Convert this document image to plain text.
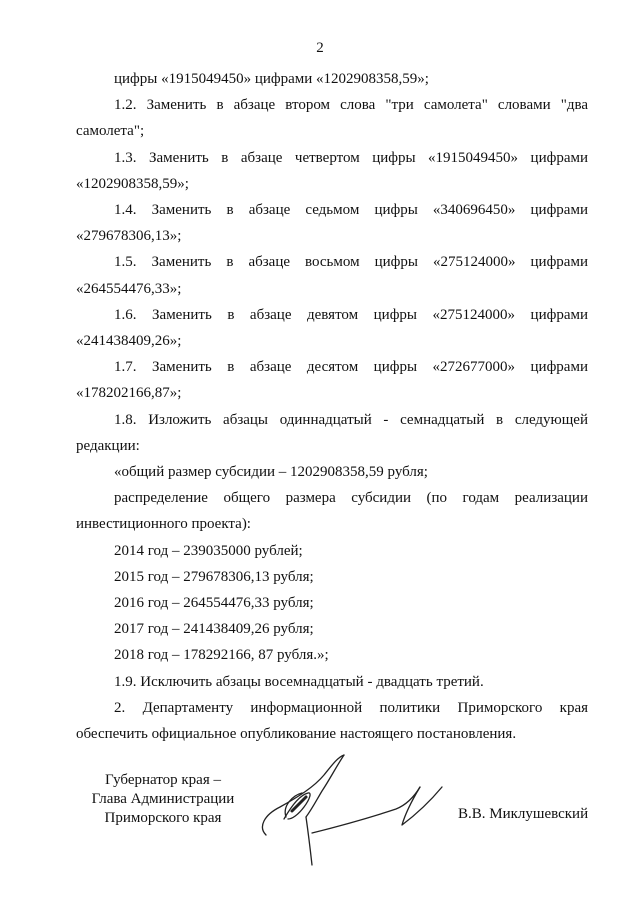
2

цифры «1915049450» цифрами «1202908358,59»;

1.2. Заменить в абзаце втором слова "три самолета" словами "два самолета";

1.3. Заменить в абзаце четвертом цифры «1915049450» цифрами «1202908358,59»;

1.4. Заменить в абзаце седьмом цифры «340696450» цифрами «279678306,13»;

1.5. Заменить в абзаце восьмом цифры «275124000» цифрами «264554476,33»;

1.6. Заменить в абзаце девятом цифры «275124000» цифрами «241438409,26»;

1.7. Заменить в абзаце десятом цифры «272677000» цифрами «178202166,87»;

1.8. Изложить абзацы одиннадцатый - семнадцатый в следующей редакции:

«общий размер субсидии – 1202908358,59 рубля;

распределение общего размера субсидии (по годам реализации инвестиционного проекта):

2014 год – 239035000 рублей;

2015 год – 279678306,13 рубля;

2016 год – 264554476,33 рубля;

2017 год – 241438409,26 рубля;

2018 год – 178292166, 87 рубля.»;

1.9. Исключить абзацы восемнадцатый - двадцать третий.

2. Департаменту информационной политики Приморского края обеспечить официальное опубликование настоящего постановления.

Губернатор края –
Глава Администрации
Приморского края	В.В. Миклушевский
